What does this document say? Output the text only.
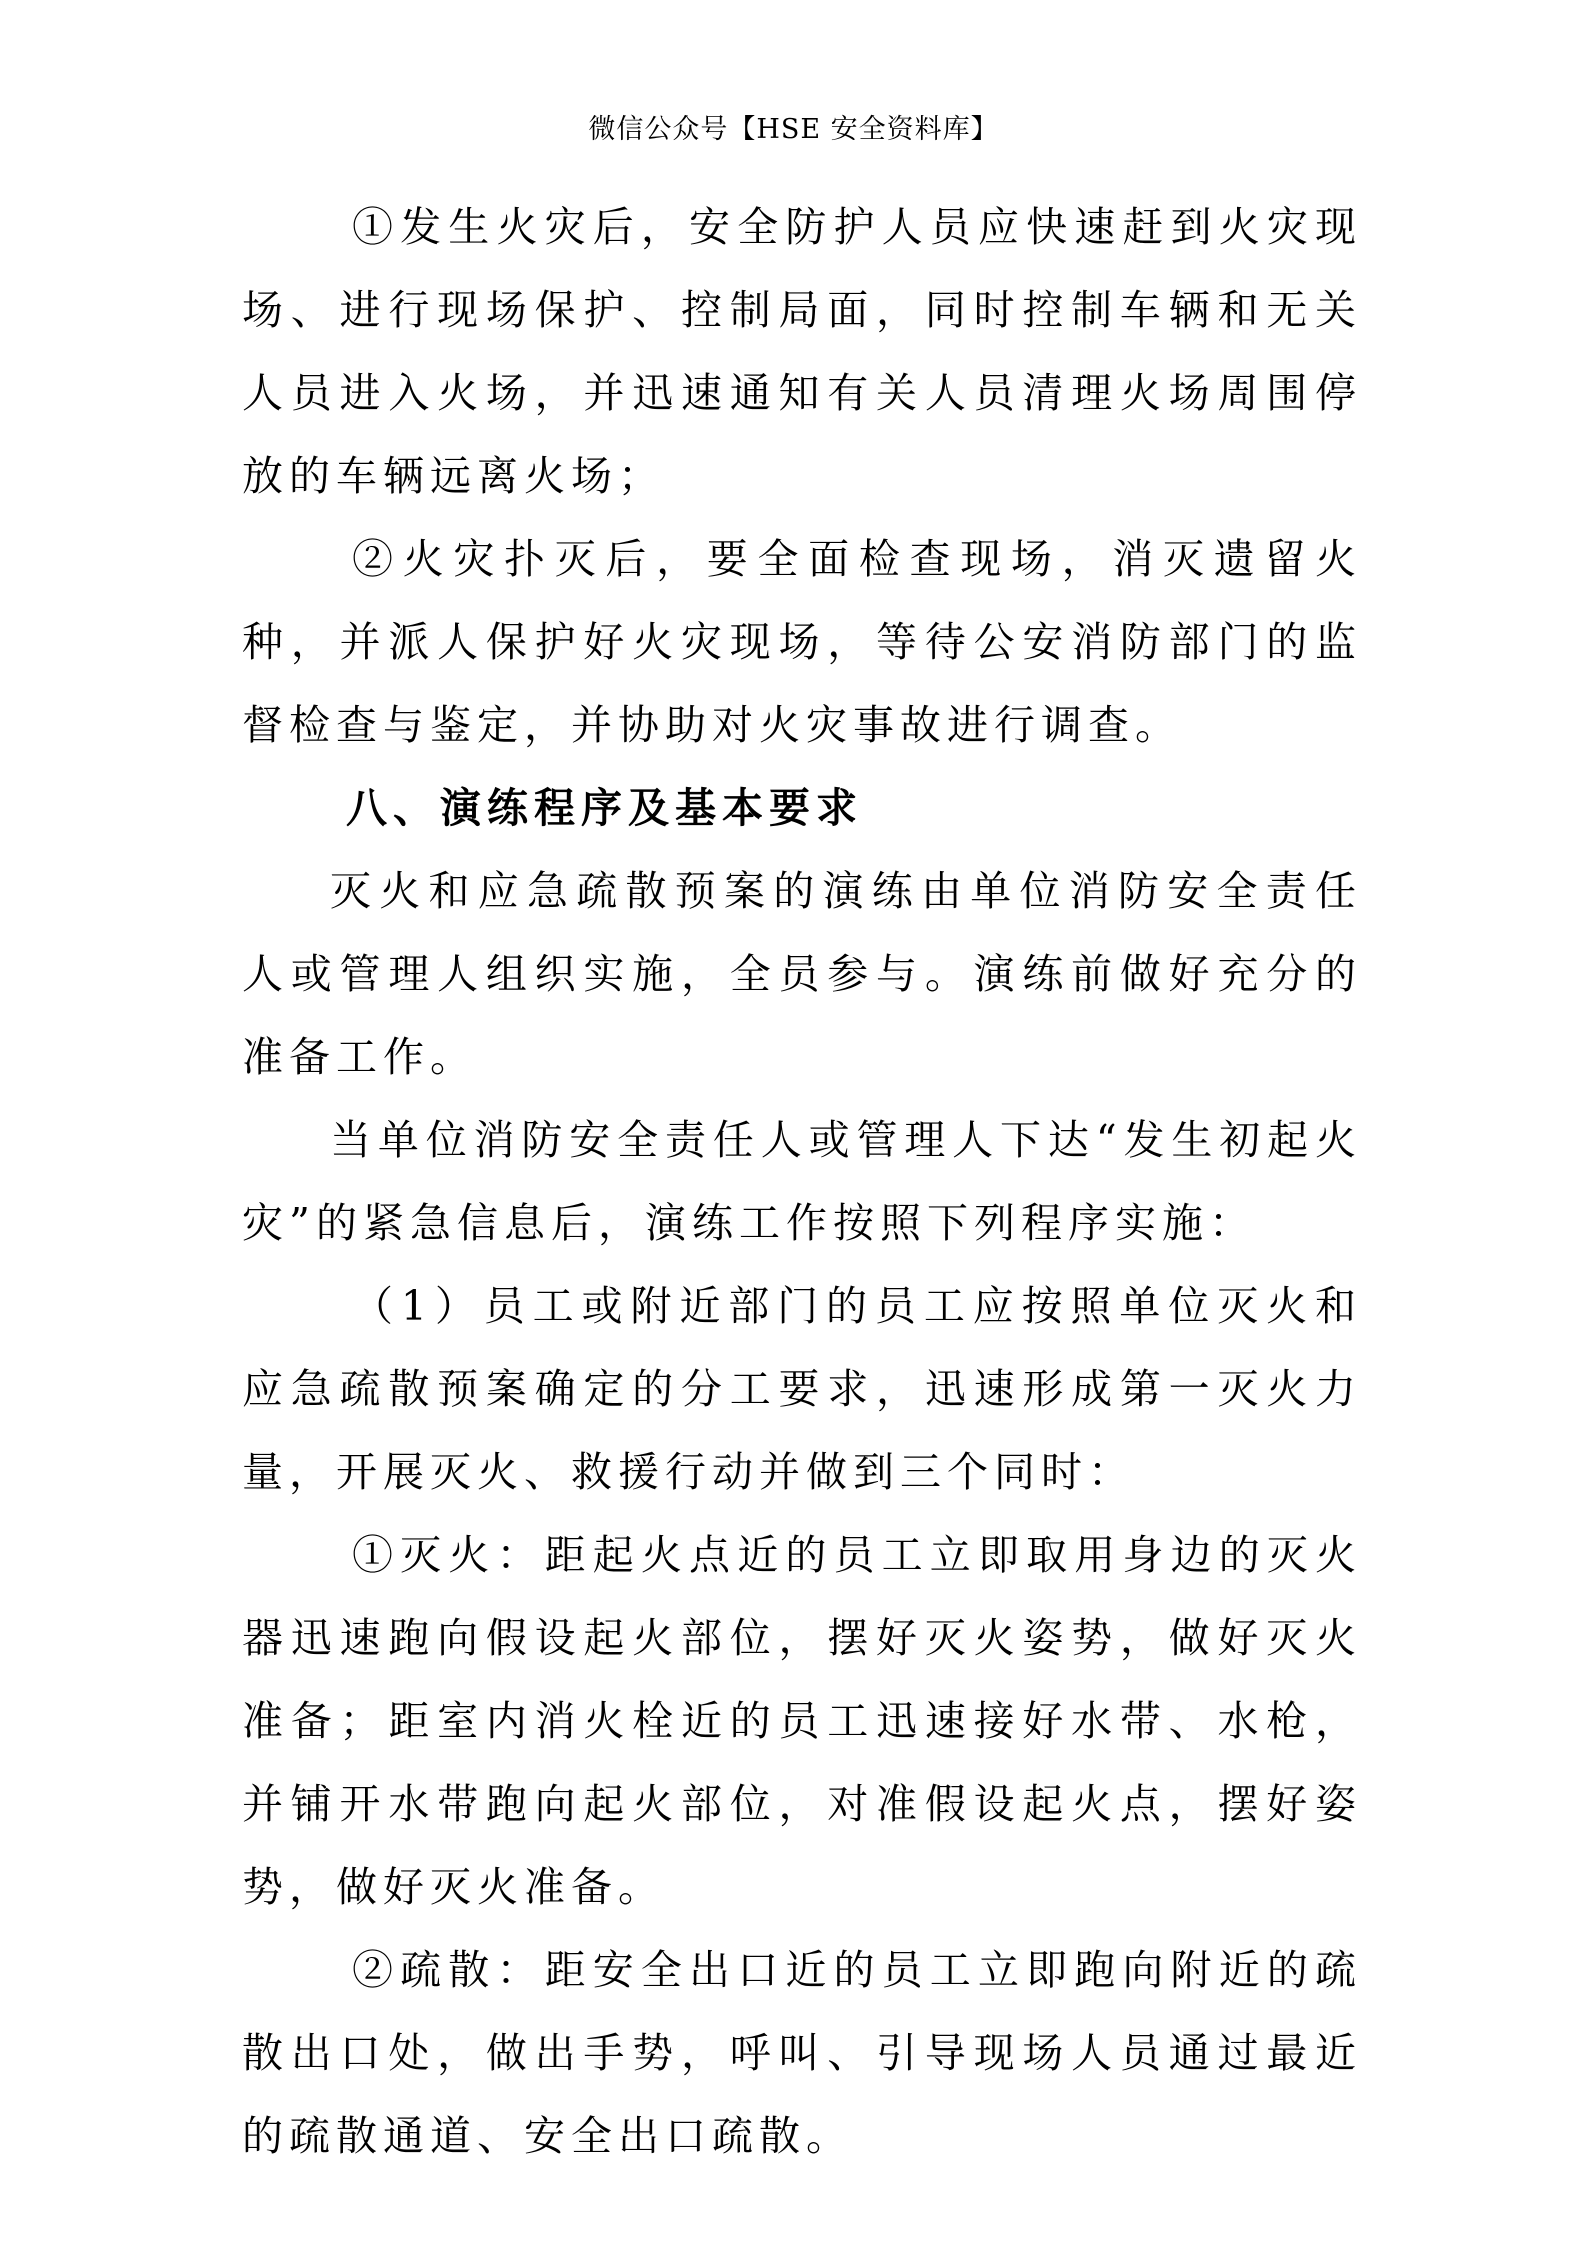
微信公众号【HSE 安全资料库】

①发生火灾后，安全防护人员应快速赶到火灾现场、进行现场保护、控制局面，同时控制车辆和无关人员进入火场，并迅速通知有关人员清理火场周围停放的车辆远离火场；

②火灾扑灭后，要全面检查现场，消灭遗留火种，并派人保护好火灾现场，等待公安消防部门的监督检查与鉴定，并协助对火灾事故进行调查。

八、演练程序及基本要求

灭火和应急疏散预案的演练由单位消防安全责任人或管理人组织实施，全员参与。演练前做好充分的准备工作。

当单位消防安全责任人或管理人下达“发生初起火灾”的紧急信息后，演练工作按照下列程序实施：

（1）员工或附近部门的员工应按照单位灭火和应急疏散预案确定的分工要求，迅速形成第一灭火力量，开展灭火、救援行动并做到三个同时：

①灭火：距起火点近的员工立即取用身边的灭火器迅速跑向假设起火部位，摆好灭火姿势，做好灭火准备；距室内消火栓近的员工迅速接好水带、水枪，并铺开水带跑向起火部位，对准假设起火点，摆好姿势，做好灭火准备。

②疏散：距安全出口近的员工立即跑向附近的疏散出口处，做出手势，呼叫、引导现场人员通过最近的疏散通道、安全出口疏散。
